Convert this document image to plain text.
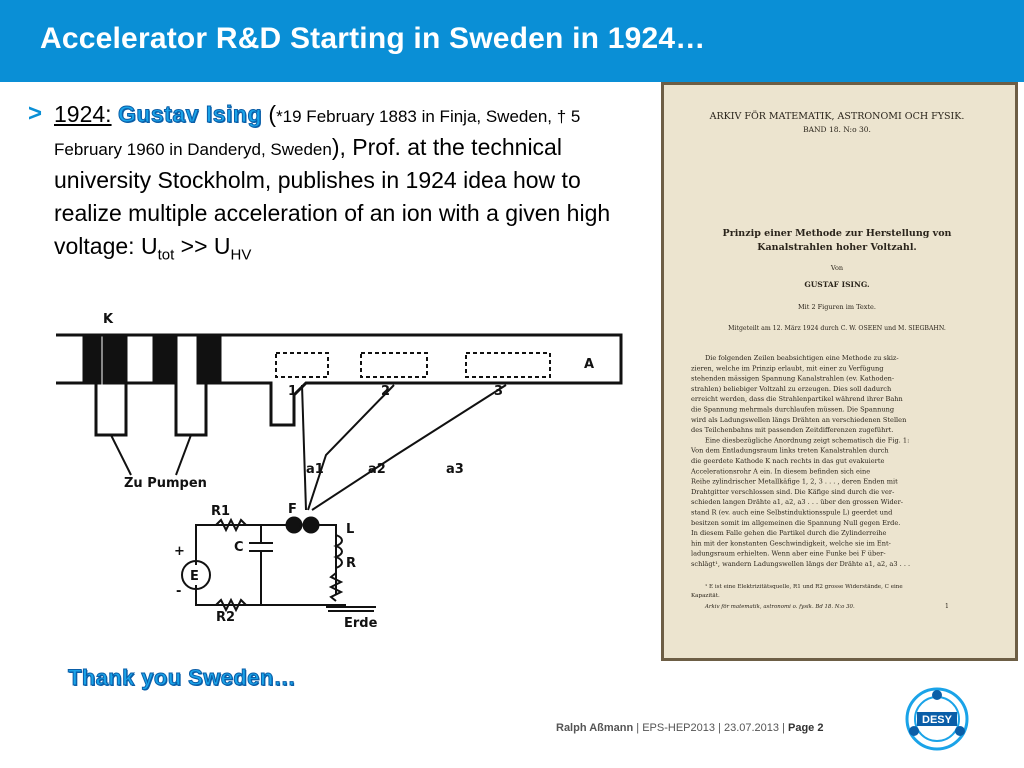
Accelerator R&D Starting in Sweden in 1924…
> 1924: Gustav Ising (*19 February 1883 in Finja, Sweden, † 5 February 1960 in Danderyd, Sweden), Prof. at the technical university Stockholm, publishes in 1924 idea how to realize multiple acceleration of an ion with a given high voltage: $U_{tot} >> U_{HV}$
K
A
1	2	3
a1	a2	a3
Zu Pumpen
F
R1
R2
C
E
+
-
L
R
Erde
ARKIV FÖR MATEMATIK, ASTRONOMI OCH FYSIK.
BAND 18. N:o 30.
Prinzip einer Methode zur Herstellung von
Kanalstrahlen hoher Voltzahl.
Von
GUSTAF ISING.
Mit 2 Figuren im Texte.
Mitgeteilt am 12. März 1924 durch C. W. OSEEN und M. SIEGBAHN.
Die folgenden Zeilen beabsichtigen eine Methode zu skiz-
zieren, welche im Prinzip erlaubt, mit einer zu Verfügung
stehenden mässigen Spannung Kanalstrahlen (ev. Kathoden-
strahlen) beliebiger Voltzahl zu erzeugen. Dies soll dadurch
erreicht werden, dass die Strahlenpartikel während ihrer Bahn
die Spannung mehrmals durchlaufen müssen. Die Spannung
wird als Ladungswellen längs Drähten an verschiedenen Stellen
des Teilchenbahns mit passenden Zeitdifferenzen zugeführt.
Eine diesbezügliche Anordnung zeigt schematisch die Fig. 1:
Von dem Entladungsraum links treten Kanalstrahlen durch
die geerdete Kathode K nach rechts in das gut evakuierte
Accelerationsrohr A ein. In diesem befinden sich eine
Reihe zylindrischer Metallkäfige 1, 2, 3 . . . , deren Enden mit
Drahtgitter verschlossen sind. Die Käfige sind durch die ver-
schieden langen Drähte a1, a2, a3 . . . über den grossen Wider-
stand R (ev. auch eine Selbstinduktionsspule L) geerdet und
besitzen somit im allgemeinen die Spannung Null gegen Erde.
In diesem Falle gehen die Partikel durch die Zylinderreihe
hin mit der konstanten Geschwindigkeit, welche sie im Ent-
ladungsraum erhielten. Wenn aber eine Funke bei F über-
schlägt¹, wandern Ladungswellen längs der Drähte a1, a2, a3 . . .
¹ E ist eine Elektrizitätsquelle, R1 und R2 grosse Widerstände, C eine
Kapazität.
Arkiv för matematik, astronomi o. fysik. Bd 18. N:o 30.	1
Thank you Sweden…
Ralph Aßmann | EPS-HEP2013 | 23.07.2013 | Page 2
DESY
